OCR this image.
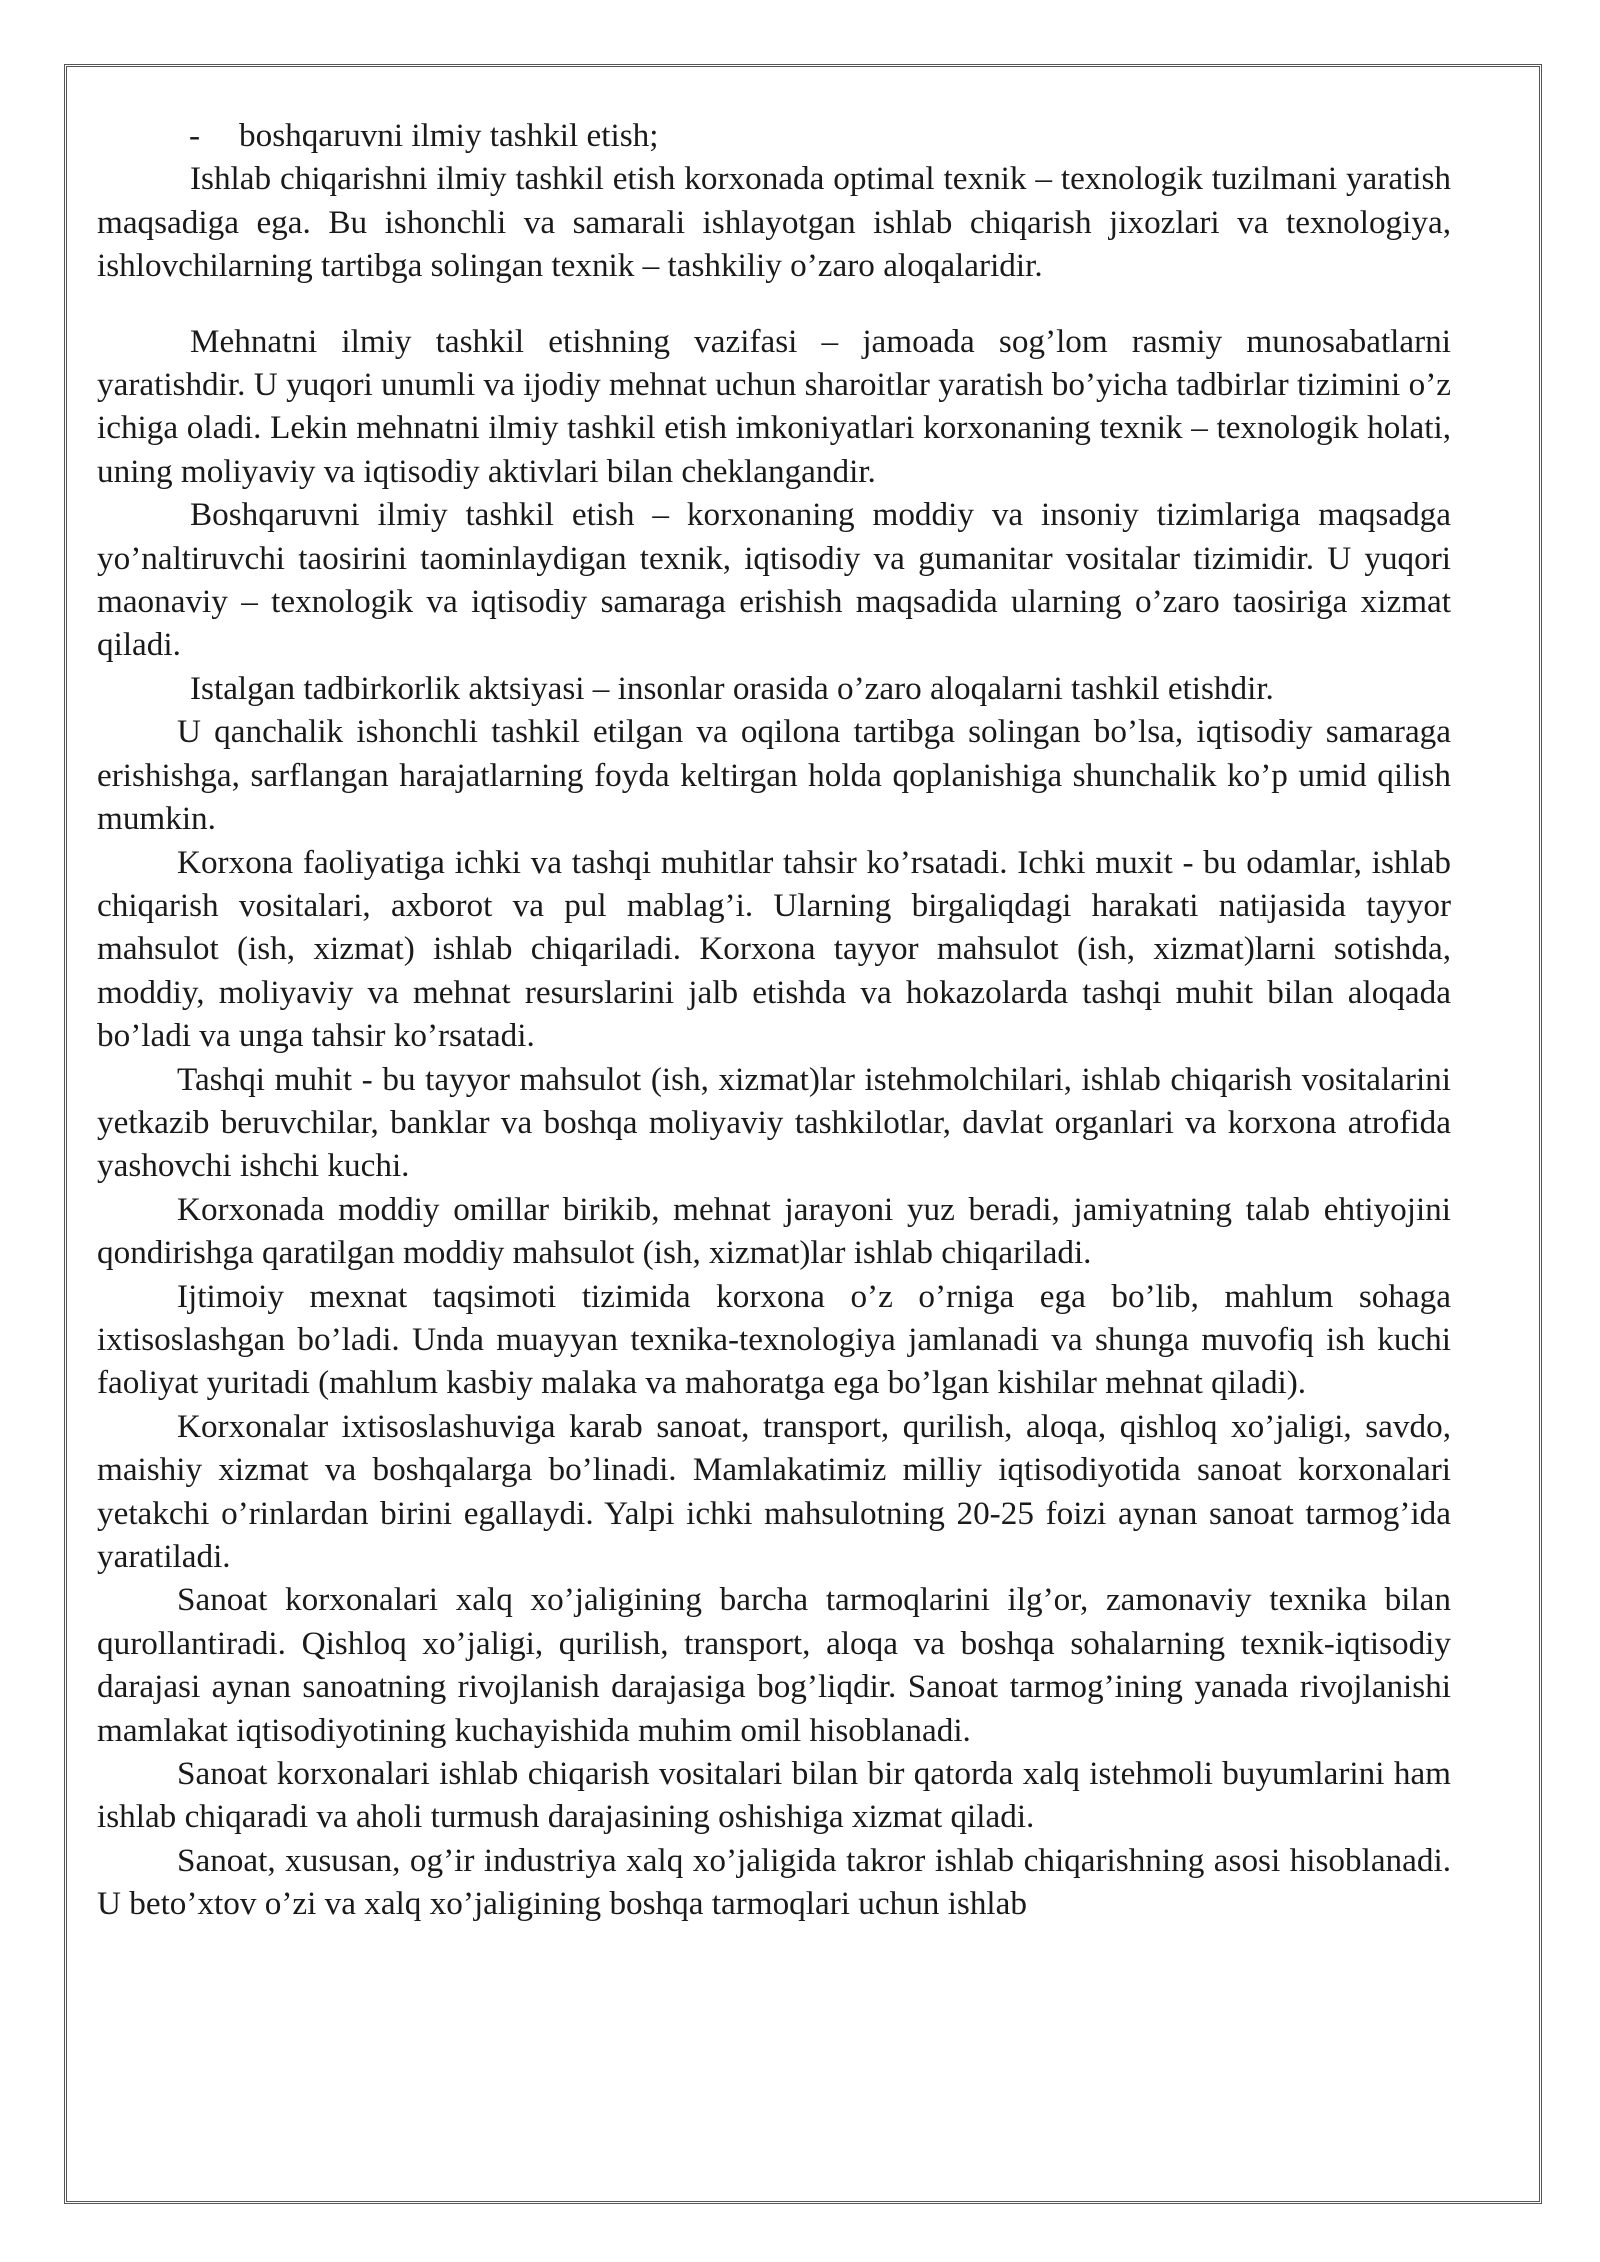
- boshqaruvni ilmiy tashkil etish;

Ishlab chiqarishni ilmiy tashkil etish korxonada optimal texnik – texnologik tuzilmani yaratish maqsadiga ega. Bu ishonchli va samarali ishlayotgan ishlab chiqarish jixozlari va texnologiya, ishlovchilarning tartibga solingan texnik – tashkiliy o’zaro aloqalaridir.

Mehnatni ilmiy tashkil etishning vazifasi – jamoada sog’lom rasmiy munosabatlarni yaratishdir. U yuqori unumli va ijodiy mehnat uchun sharoitlar yaratish bo’yicha tadbirlar tizimini o’z ichiga oladi. Lekin mehnatni ilmiy tashkil etish imkoniyatlari korxonaning texnik – texnologik holati, uning moliyaviy va iqtisodiy aktivlari bilan cheklangandir.

Boshqaruvni ilmiy tashkil etish – korxonaning moddiy va insoniy tizimlariga maqsadga yo’naltiruvchi taosirini taominlaydigan texnik, iqtisodiy va gumanitar vositalar tizimidir. U yuqori maonaviy – texnologik va iqtisodiy samaraga erishish maqsadida ularning o’zaro taosiriga xizmat qiladi.

Istalgan tadbirkorlik aktsiyasi – insonlar orasida o’zaro aloqalarni tashkil etishdir.

U qanchalik ishonchli tashkil etilgan va oqilona tartibga solingan bo’lsa, iqtisodiy samaraga erishishga, sarflangan harajatlarning foyda keltirgan holda qoplanishiga shunchalik ko’p umid qilish mumkin.

Korxona faoliyatiga ichki va tashqi muhitlar tahsir ko’rsatadi. Ichki muxit - bu odamlar, ishlab chiqarish vositalari, axborot va pul mablag’i. Ularning birgaliqdagi harakati natijasida tayyor mahsulot (ish, xizmat) ishlab chiqariladi. Korxona tayyor mahsulot (ish, xizmat)larni sotishda, moddiy, moliyaviy va mehnat resurslarini jalb etishda va hokazolarda tashqi muhit bilan aloqada bo’ladi va unga tahsir ko’rsatadi.

Tashqi muhit - bu tayyor mahsulot (ish, xizmat)lar istehmolchilari, ishlab chiqarish vositalarini yetkazib beruvchilar, banklar va boshqa moliyaviy tashkilotlar, davlat organlari va korxona atrofida yashovchi ishchi kuchi.

Korxonada moddiy omillar birikib, mehnat jarayoni yuz beradi, jamiyatning talab ehtiyojini qondirishga qaratilgan moddiy mahsulot (ish, xizmat)lar ishlab chiqariladi.

Ijtimoiy mexnat taqsimoti tizimida korxona o’z o’rniga ega bo’lib, mahlum sohaga ixtisoslashgan bo’ladi. Unda muayyan texnika-texnologiya jamlanadi va shunga muvofiq ish kuchi faoliyat yuritadi (mahlum kasbiy malaka va mahoratga ega bo’lgan kishilar mehnat qiladi).

Korxonalar ixtisoslashuviga karab sanoat, transport, qurilish, aloqa, qishloq xo’jaligi, savdo, maishiy xizmat va boshqalarga bo’linadi. Mamlakatimiz milliy iqtisodiyotida sanoat korxonalari yetakchi o’rinlardan birini egallaydi. Yalpi ichki mahsulotning 20-25 foizi aynan sanoat tarmog’ida yaratiladi.

Sanoat korxonalari xalq xo’jaligining barcha tarmoqlarini ilg’or, zamonaviy texnika bilan qurollantiradi. Qishloq xo’jaligi, qurilish, transport, aloqa va boshqa sohalarning texnik-iqtisodiy darajasi aynan sanoatning rivojlanish darajasiga bog’liqdir. Sanoat tarmog’ining yanada rivojlanishi mamlakat iqtisodiyotining kuchayishida muhim omil hisoblanadi.

Sanoat korxonalari ishlab chiqarish vositalari bilan bir qatorda xalq istehmoli buyumlarini ham ishlab chiqaradi va aholi turmush darajasining oshishiga xizmat qiladi.

Sanoat, xususan, og’ir industriya xalq xo’jaligida takror ishlab chiqarishning asosi hisoblanadi. U beto’xtov o’zi va xalq xo’jaligining boshqa tarmoqlari uchun ishlab
